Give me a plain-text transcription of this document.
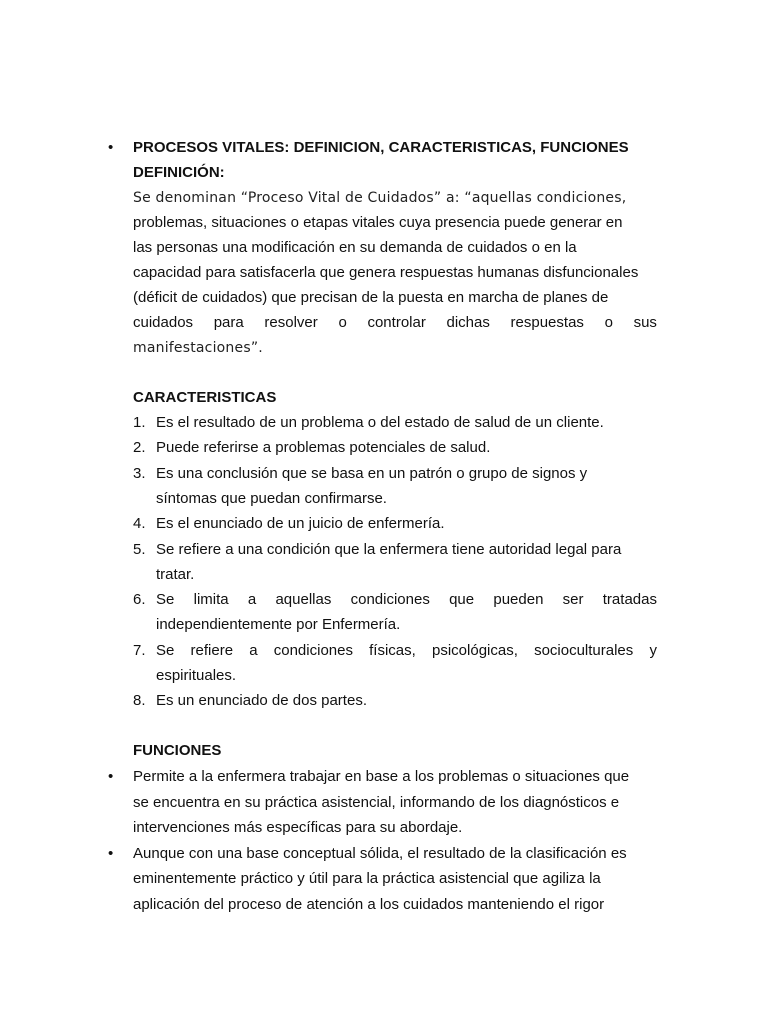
• PROCESOS VITALES: DEFINICION, CARACTERISTICAS, FUNCIONES
DEFINICIÓN:
Se denominan “Proceso Vital de Cuidados” a: “aquellas condiciones,
problemas, situaciones o etapas vitales cuya presencia puede generar en
las personas una modificación en su demanda de cuidados o en la
capacidad para satisfacerla que genera respuestas humanas disfuncionales
(déficit de cuidados) que precisan de la puesta en marcha de planes de
cuidados para resolver o controlar dichas respuestas o sus
manifestaciones”.
CARACTERISTICAS
1. Es el resultado de un problema o del estado de salud de un cliente.
2. Puede referirse a problemas potenciales de salud.
3. Es una conclusión que se basa en un patrón o grupo de signos y
síntomas que puedan confirmarse.
4. Es el enunciado de un juicio de enfermería.
5. Se refiere a una condición que la enfermera tiene autoridad legal para
tratar.
6. Se limita a aquellas condiciones que pueden ser tratadas
independientemente por Enfermería.
7. Se refiere a condiciones físicas, psicológicas, socioculturales y
espirituales.
8. Es un enunciado de dos partes.
FUNCIONES
• Permite a la enfermera trabajar en base a los problemas o situaciones que
se encuentra en su práctica asistencial, informando de los diagnósticos e
intervenciones más específicas para su abordaje.
• Aunque con una base conceptual sólida, el resultado de la clasificación es
eminentemente práctico y útil para la práctica asistencial que agiliza la
aplicación del proceso de atención a los cuidados manteniendo el rigor
